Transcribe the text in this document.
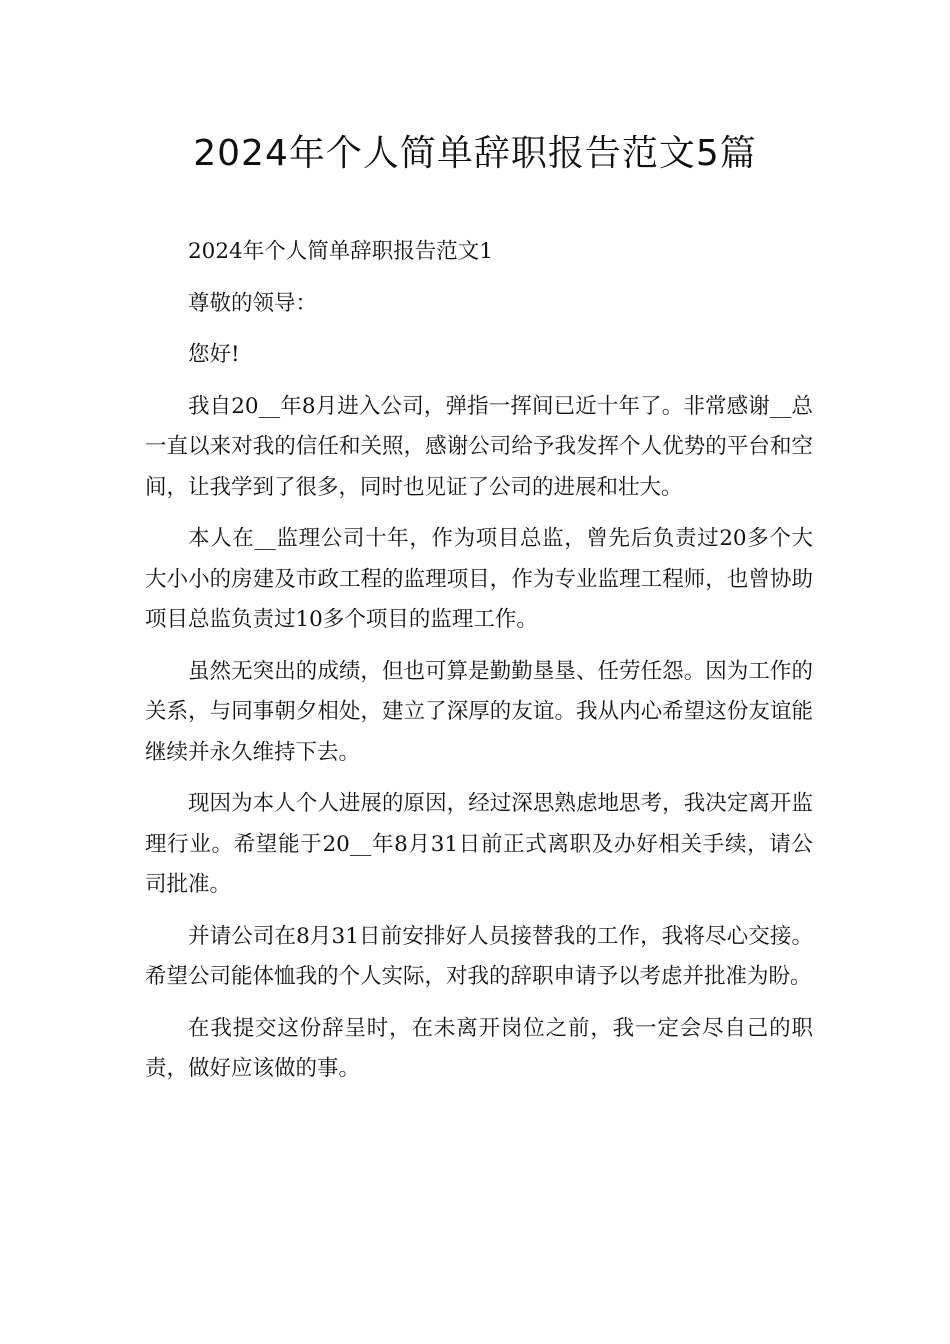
2024年个人简单辞职报告范文5篇

2024年个人简单辞职报告范文1

尊敬的领导：

您好!

我自20__年8月进入公司，弹指一挥间已近十年了。非常感谢__总一直以来对我的信任和关照，感谢公司给予我发挥个人优势的平台和空间，让我学到了很多，同时也见证了公司的进展和壮大。

本人在__监理公司十年，作为项目总监，曾先后负责过20多个大大小小的房建及市政工程的监理项目，作为专业监理工程师，也曾协助项目总监负责过10多个项目的监理工作。

虽然无突出的成绩，但也可算是勤勤垦垦、任劳任怨。因为工作的关系，与同事朝夕相处，建立了深厚的友谊。我从内心希望这份友谊能继续并永久维持下去。

现因为本人个人进展的原因，经过深思熟虑地思考，我决定离开监理行业。希望能于20__年8月31日前正式离职及办好相关手续，请公司批准。

并请公司在8月31日前安排好人员接替我的工作，我将尽心交接。希望公司能体恤我的个人实际，对我的辞职申请予以考虑并批准为盼。

在我提交这份辞呈时，在未离开岗位之前，我一定会尽自己的职责，做好应该做的事。
